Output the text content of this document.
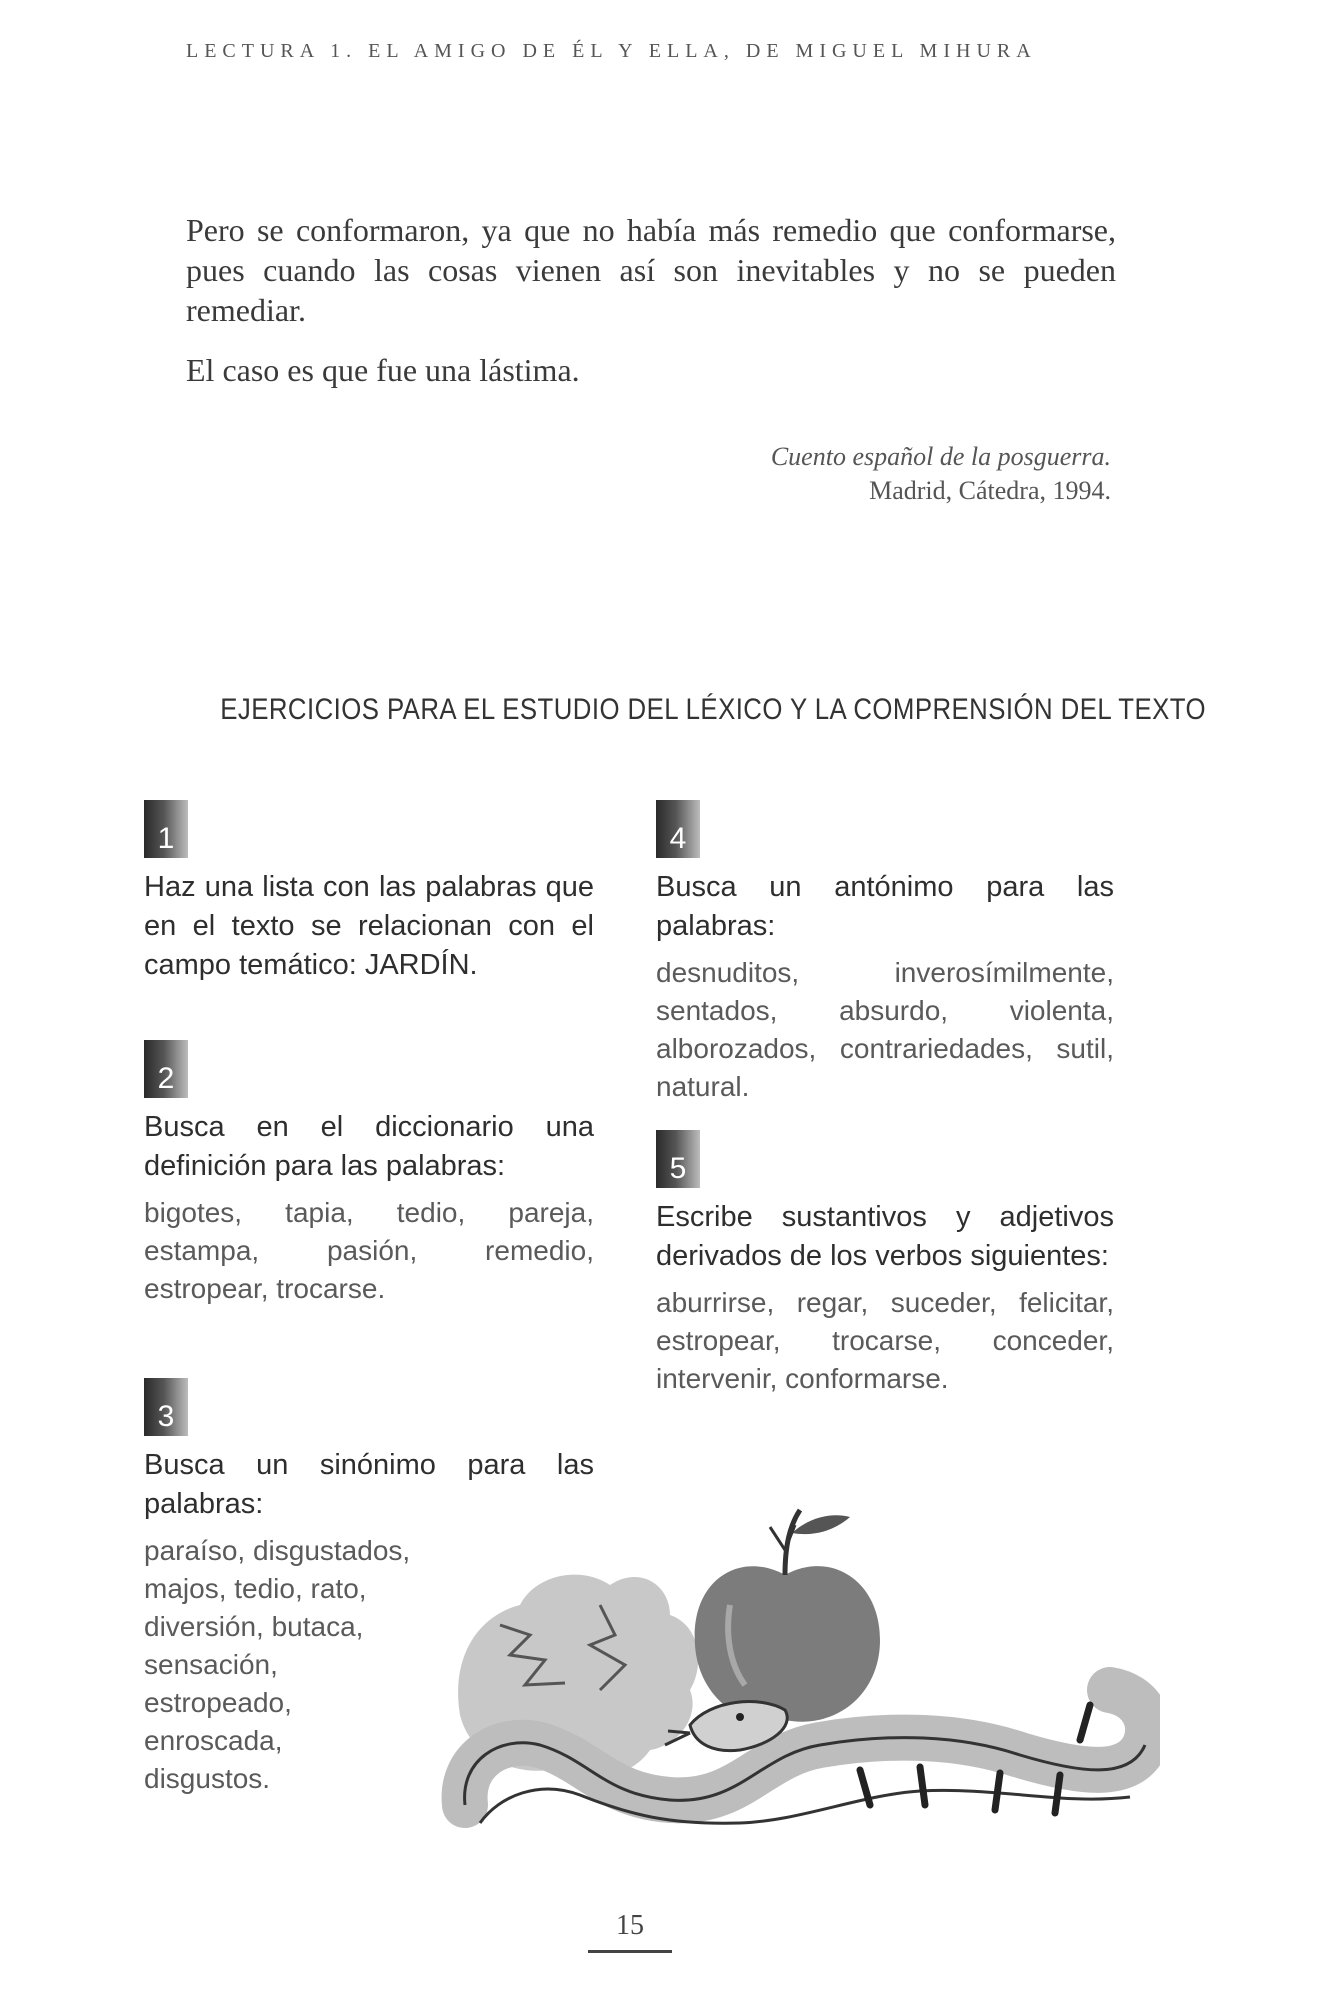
LECTURA 1. EL AMIGO DE ÉL Y ELLA, DE MIGUEL MIHURA

Pero se conformaron, ya que no había más remedio que conformarse, pues cuando las cosas vienen así son inevitables y no se pueden remediar.

El caso es que fue una lástima.

Cuento español de la posguerra.
Madrid, Cátedra, 1994.
EJERCICIOS PARA EL ESTUDIO DEL LÉXICO Y LA COMPRENSIÓN DEL TEXTO
1
Haz una lista con las palabras que en el texto se relacionan con el campo temático: JARDÍN.
2
Busca en el diccionario una definición para las palabras:
bigotes, tapia, tedio, pareja, estampa, pasión, remedio, estropear, trocarse.
3
Busca un sinónimo para las palabras:
paraíso, disgustados, majos, tedio, rato, diversión, butaca, sensación, estropeado, enroscada, disgustos.
4
Busca un antónimo para las palabras:
desnuditos, inverosímilmente, sentados, absurdo, violenta, alborozados, contrariedades, sutil, natural.
5
Escribe sustantivos y adjetivos derivados de los verbos siguientes:
aburrirse, regar, suceder, felicitar, estropear, trocarse, conceder, intervenir, conformarse.
15
